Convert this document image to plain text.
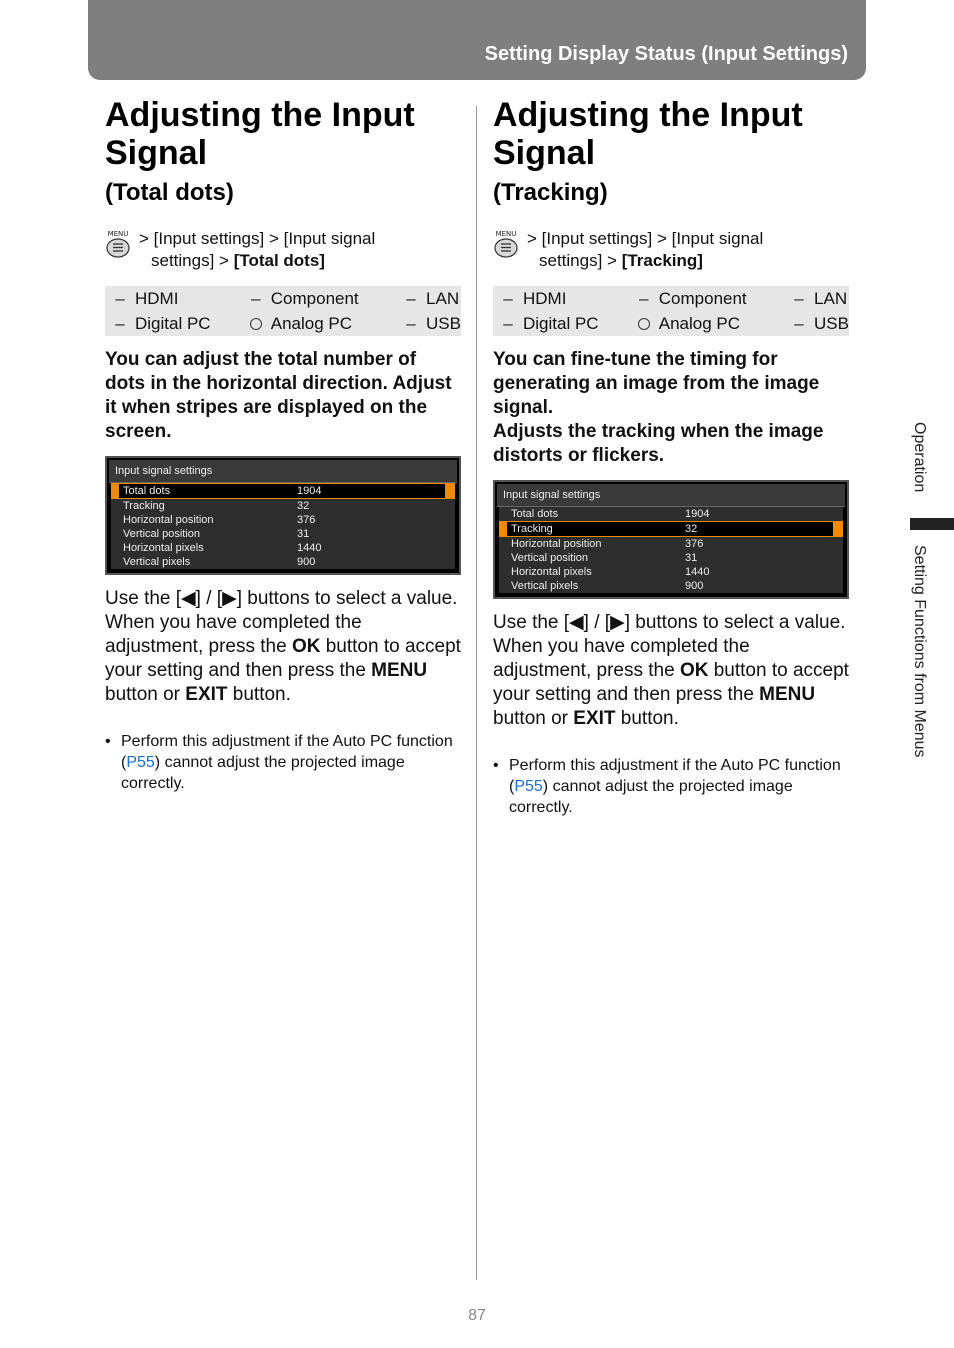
Setting Display Status (Input Settings)
Adjusting the Input Signal
(Total dots)
MENU > [Input settings] > [Input signal
settings] > [Total dots]
– HDMI	– Component	– LAN
– Digital PC	Analog PC	– USB
You can adjust the total number of dots in the horizontal direction. Adjust it when stripes are displayed on the screen.
Input signal settings
Total dots	1904
Tracking	32
Horizontal position	376
Vertical position	31
Horizontal pixels	1440
Vertical pixels	900
Use the [◀] / [▶] buttons to select a value.
When you have completed the adjustment, press the OK button to accept your setting and then press the MENU button or EXIT button.
• Perform this adjustment if the Auto PC function (P55) cannot adjust the projected image correctly.
Adjusting the Input Signal
(Tracking)
MENU > [Input settings] > [Input signal
settings] > [Tracking]
– HDMI	– Component	– LAN
– Digital PC	Analog PC	– USB
You can fine-tune the timing for generating an image from the image signal.
Adjusts the tracking when the image distorts or flickers.
Input signal settings
Total dots	1904
Tracking	32
Horizontal position	376
Vertical position	31
Horizontal pixels	1440
Vertical pixels	900
Use the [◀] / [▶] buttons to select a value.
When you have completed the adjustment, press the OK button to accept your setting and then press the MENU button or EXIT button.
• Perform this adjustment if the Auto PC function (P55) cannot adjust the projected image correctly.
Operation
Setting Functions from Menus
87
